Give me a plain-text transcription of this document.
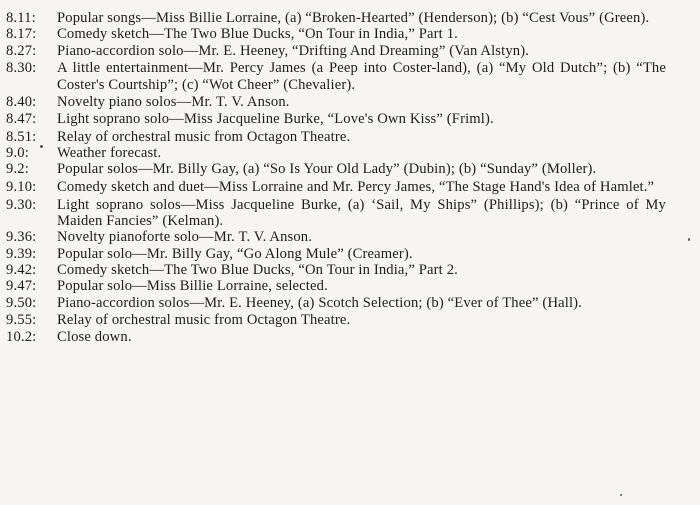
8.11:	Popular songs—Miss Billie Lorraine, (a) “Broken-Hearted” (Henderson); (b) “Cest Vous” (Green).
8.17:	Comedy sketch—The Two Blue Ducks, “On Tour in India,” Part 1.
8.27:	Piano-accordion solo—Mr. E. Heeney, “Drifting And Dreaming” (Van Alstyn).
8.30:	A little entertainment—Mr. Percy James (a Peep into Coster-land), (a) “My Old Dutch”; (b) “The Coster's Courtship”; (c) “Wot Cheer” (Chevalier).
8.40:	Novelty piano solos—Mr. T. V. Anson.
8.47:	Light soprano solo—Miss Jacqueline Burke, “Love's Own Kiss” (Friml).
8.51:	Relay of orchestral music from Octagon Theatre.
9.0:	Weather forecast.
9.2:	Popular solos—Mr. Billy Gay, (a) “So Is Your Old Lady” (Dubin); (b) “Sunday” (Moller).
9.10:	Comedy sketch and duet—Miss Lorraine and Mr. Percy James, “The Stage Hand's Idea of Hamlet.”
9.30:	Light soprano solos—Miss Jacqueline Burke, (a) ‘Sail, My Ships” (Phillips); (b) “Prince of My Maiden Fancies” (Kelman).
9.36:	Novelty pianoforte solo—Mr. T. V. Anson.
9.39:	Popular solo—Mr. Billy Gay, “Go Along Mule” (Creamer).
9.42:	Comedy sketch—The Two Blue Ducks, “On Tour in India,” Part 2.
9.47:	Popular solo—Miss Billie Lorraine, selected.
9.50:	Piano-accordion solos—Mr. E. Heeney, (a) Scotch Selection; (b) “Ever of Thee” (Hall).
9.55:	Relay of orchestral music from Octagon Theatre.
10.2:	Close down.
